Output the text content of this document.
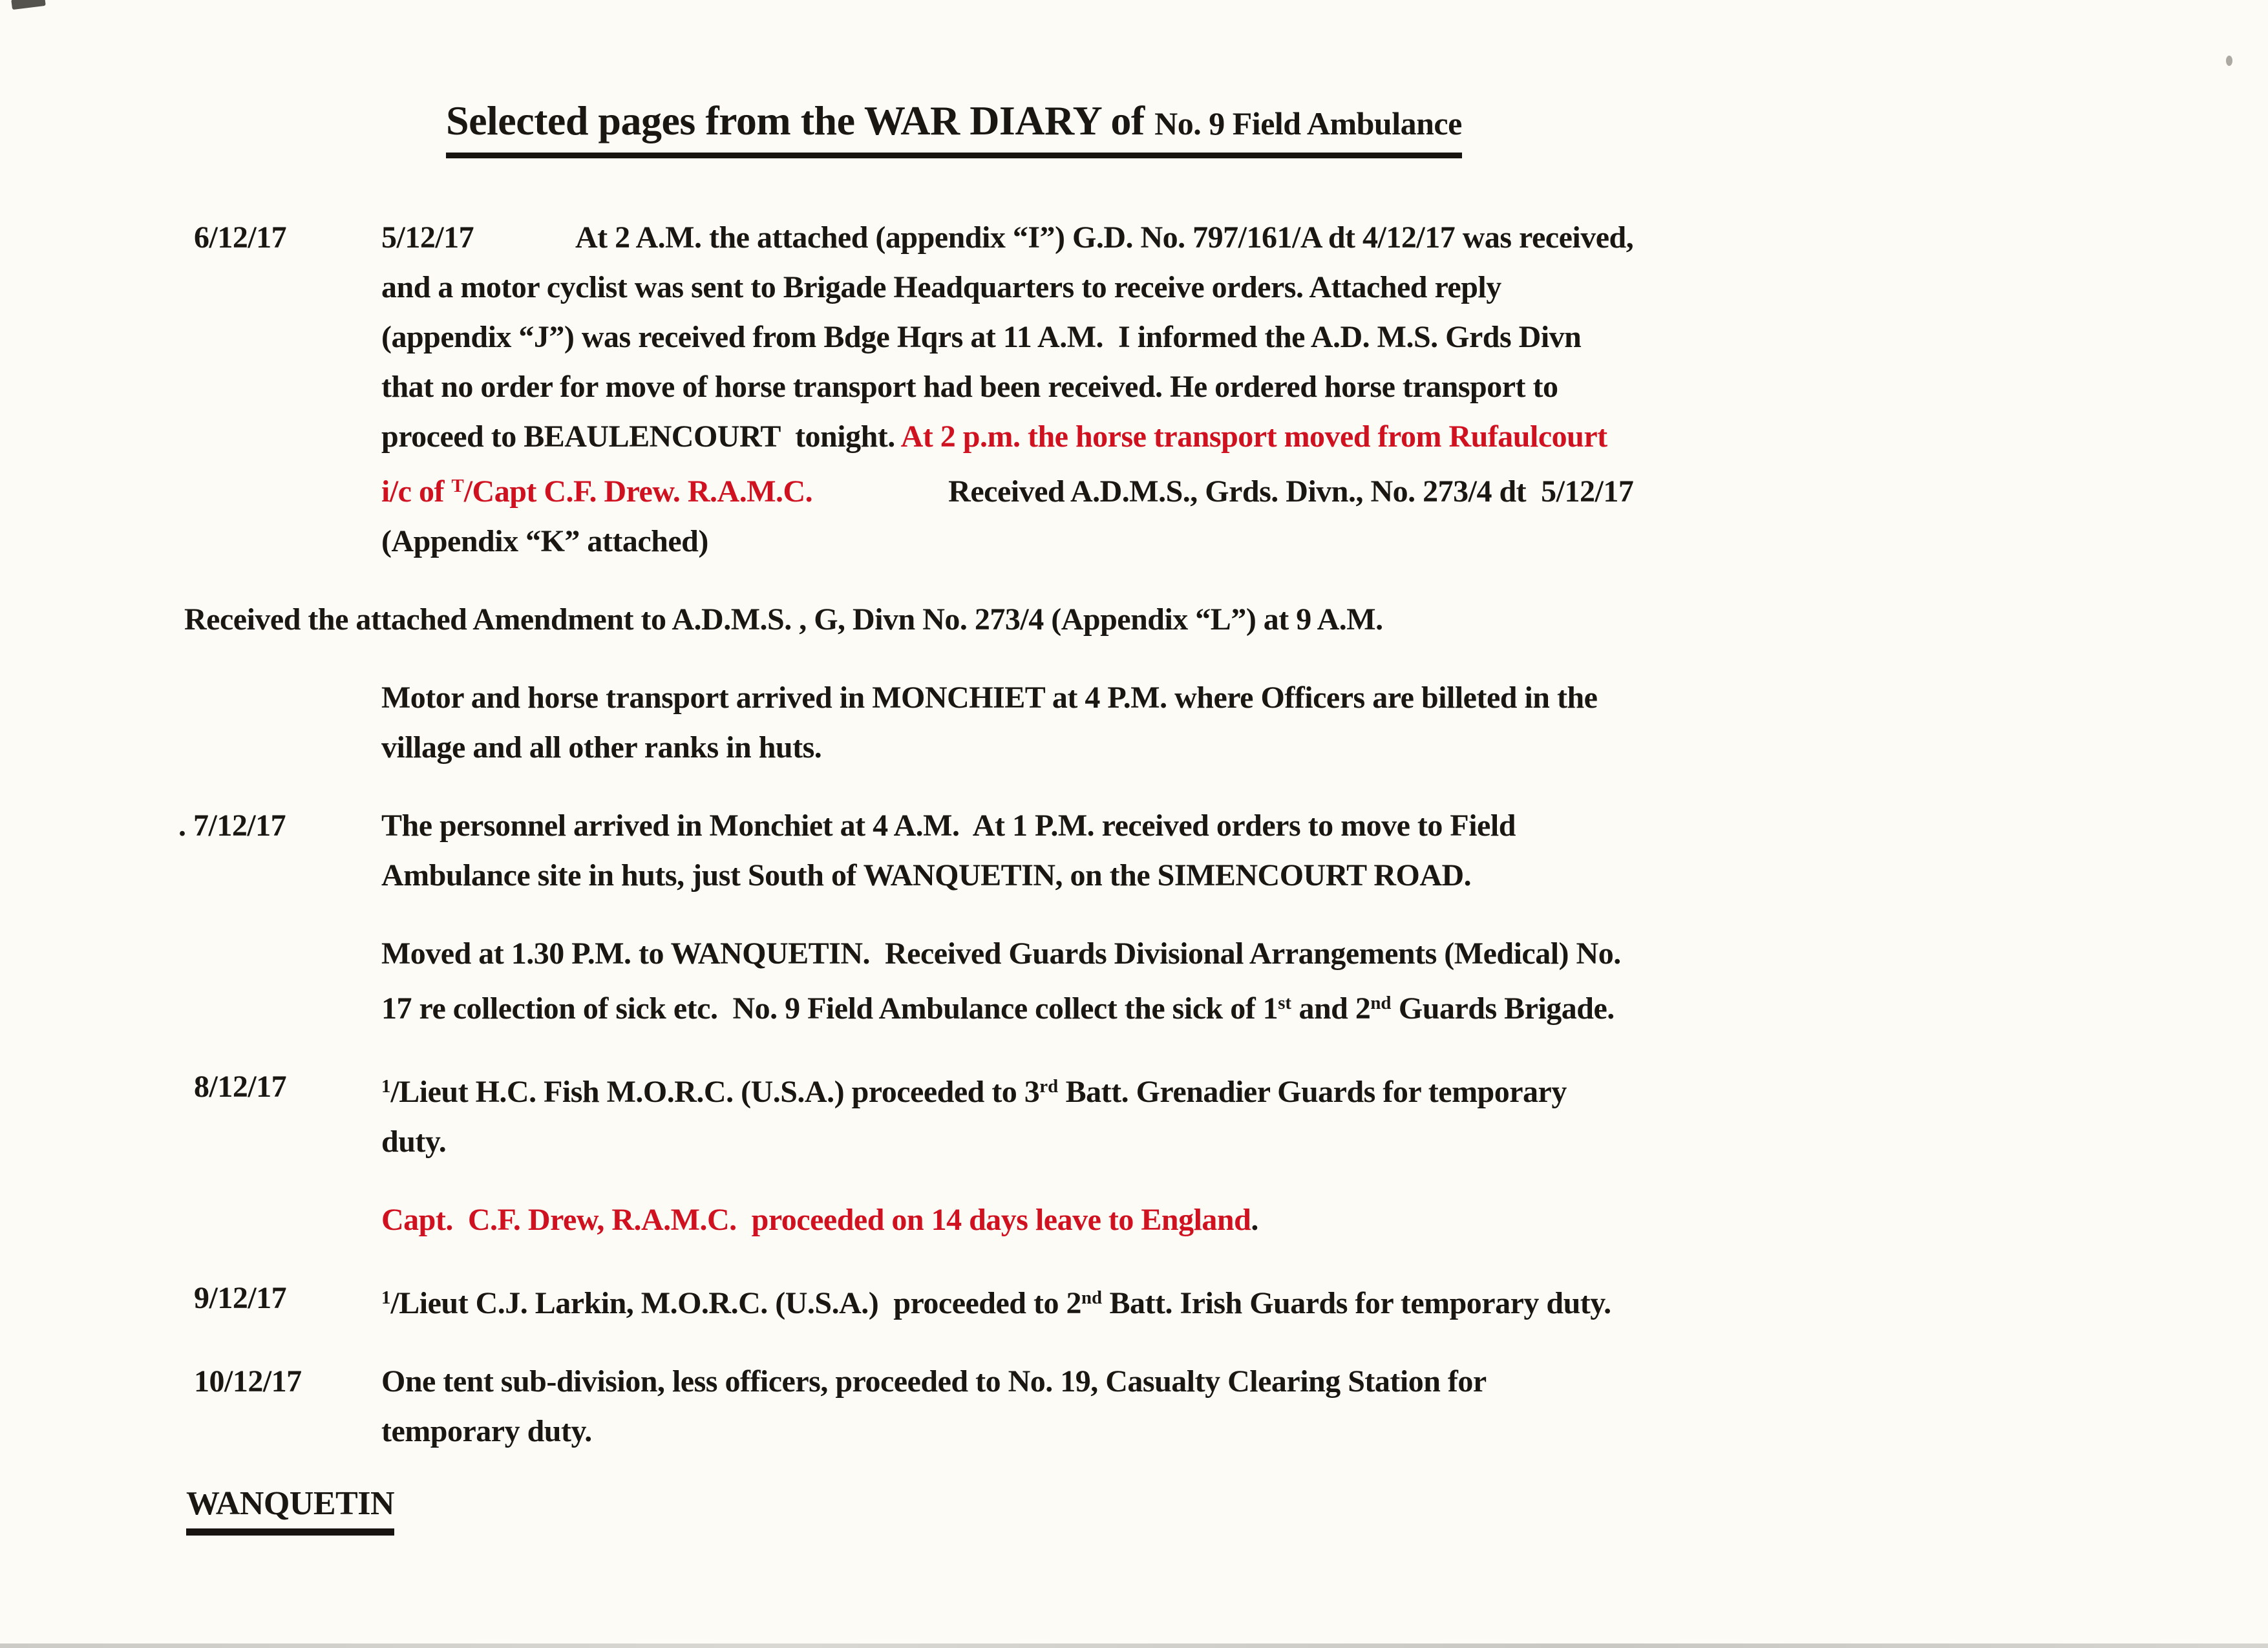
Selected pages from the WAR DIARY of No. 9 Field Ambulance
6/12/17	5/12/17	At 2 A.M. the attached (appendix “I”) G.D. No. 797/161/A dt 4/12/17 was received,
and a motor cyclist was sent to Brigade Headquarters to receive orders. Attached reply
(appendix “J”) was received from Bdge Hqrs at 11 A.M.  I informed the A.D. M.S. Grds Divn
that no order for move of horse transport had been received. He ordered horse transport to
proceed to BEAULENCOURT  tonight. At 2 p.m. the horse transport moved from Rufaulcourt
i/c of $^T$/Capt C.F. Drew. R.A.M.C.	Received A.D.M.S., Grds. Divn., No. 273/4 dt  5/12/17
(Appendix “K” attached)
Received the attached Amendment to A.D.M.S. , G, Divn No. 273/4 (Appendix “L”) at 9 A.M.
Motor and horse transport arrived in MONCHIET at 4 P.M. where Officers are billeted in the
village and all other ranks in huts.
. 7/12/17	The personnel arrived in Monchiet at 4 A.M.  At 1 P.M. received orders to move to Field
Ambulance site in huts, just South of WANQUETIN, on the SIMENCOURT ROAD.
Moved at 1.30 P.M. to WANQUETIN.  Received Guards Divisional Arrangements (Medical) No.
17 re collection of sick etc.  No. 9 Field Ambulance collect the sick of 1st and 2nd Guards Brigade.
8/12/17	$^1$/Lieut H.C. Fish M.O.R.C. (U.S.A.) proceeded to 3rd Batt. Grenadier Guards for temporary
duty.
Capt.  C.F. Drew, R.A.M.C.  proceeded on 14 days leave to England.
9/12/17	$^1$/Lieut C.J. Larkin, M.O.R.C. (U.S.A.)  proceeded to 2nd Batt. Irish Guards for temporary duty.
10/12/17	One tent sub-division, less officers, proceeded to No. 19, Casualty Clearing Station for
temporary duty.
WANQUETIN
